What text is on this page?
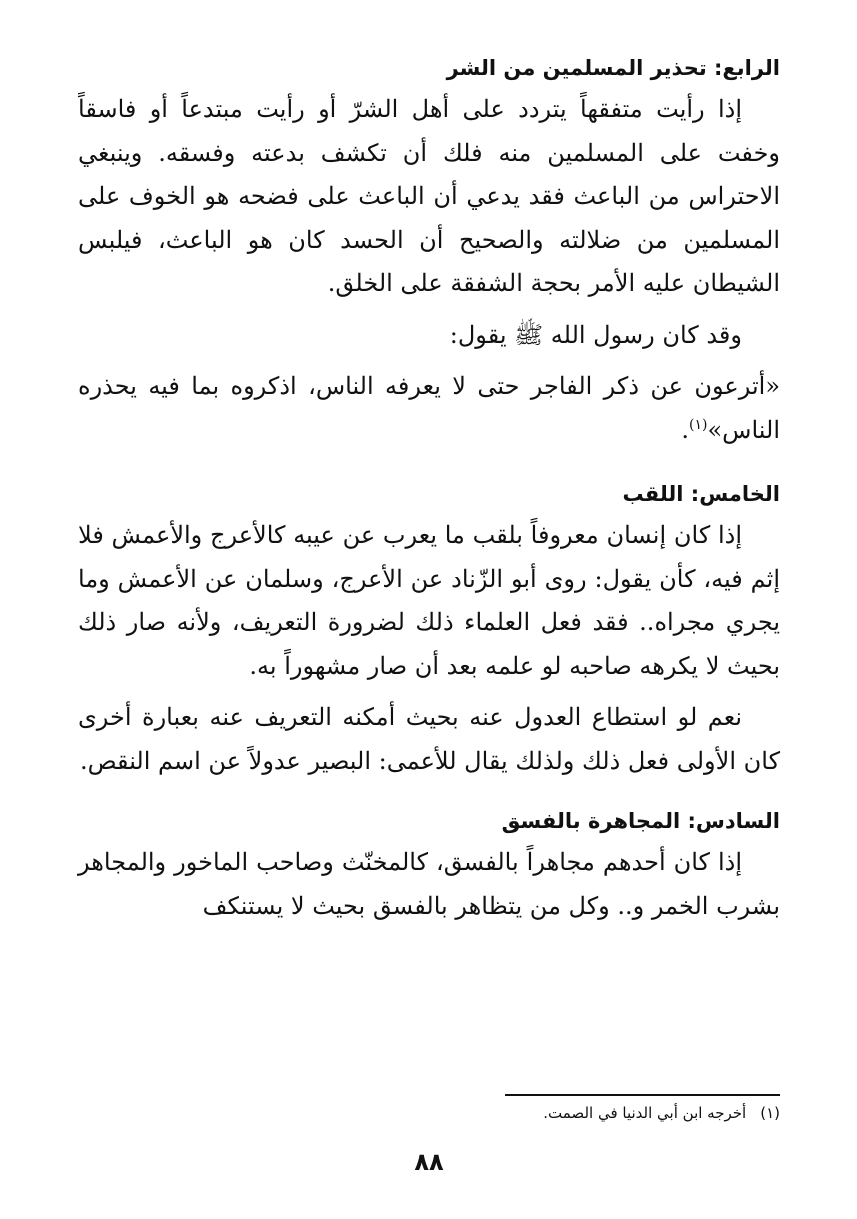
الرابع: تحذير المسلمين من الشر

إذا رأيت متفقهاً يتردد على أهل الشرّ أو رأيت مبتدعاً أو فاسقاً وخفت على المسلمين منه فلك أن تكشف بدعته وفسقه. وينبغي الاحتراس من الباعث فقد يدعي أن الباعث على فضحه هو الخوف على المسلمين من ضلالته والصحيح أن الحسد كان هو الباعث، فيلبس الشيطان عليه الأمر بحجة الشفقة على الخلق.

وقد كان رسول الله ﷺ يقول:

«أترعون عن ذكر الفاجر حتى لا يعرفه الناس، اذكروه بما فيه يحذره الناس»$^{(١)}$.

الخامس: اللقب

إذا كان إنسان معروفاً بلقب ما يعرب عن عيبه كالأعرج والأعمش فلا إثم فيه، كأن يقول: روى أبو الزّناد عن الأعرج، وسلمان عن الأعمش وما يجري مجراه.. فقد فعل العلماء ذلك لضرورة التعريف، ولأنه صار ذلك بحيث لا يكرهه صاحبه لو علمه بعد أن صار مشهوراً به.

نعم لو استطاع العدول عنه بحيث أمكنه التعريف عنه بعبارة أخرى كان الأولى فعل ذلك ولذلك يقال للأعمى: البصير عدولاً عن اسم النقص.

السادس: المجاهرة بالفسق

إذا كان أحدهم مجاهراً بالفسق، كالمخنّث وصاحب الماخور والمجاهر بشرب الخمر و.. وكل من يتظاهر بالفسق بحيث لا يستنكف

(١)أخرجه ابن أبي الدنيا في الصمت.
٨٨
